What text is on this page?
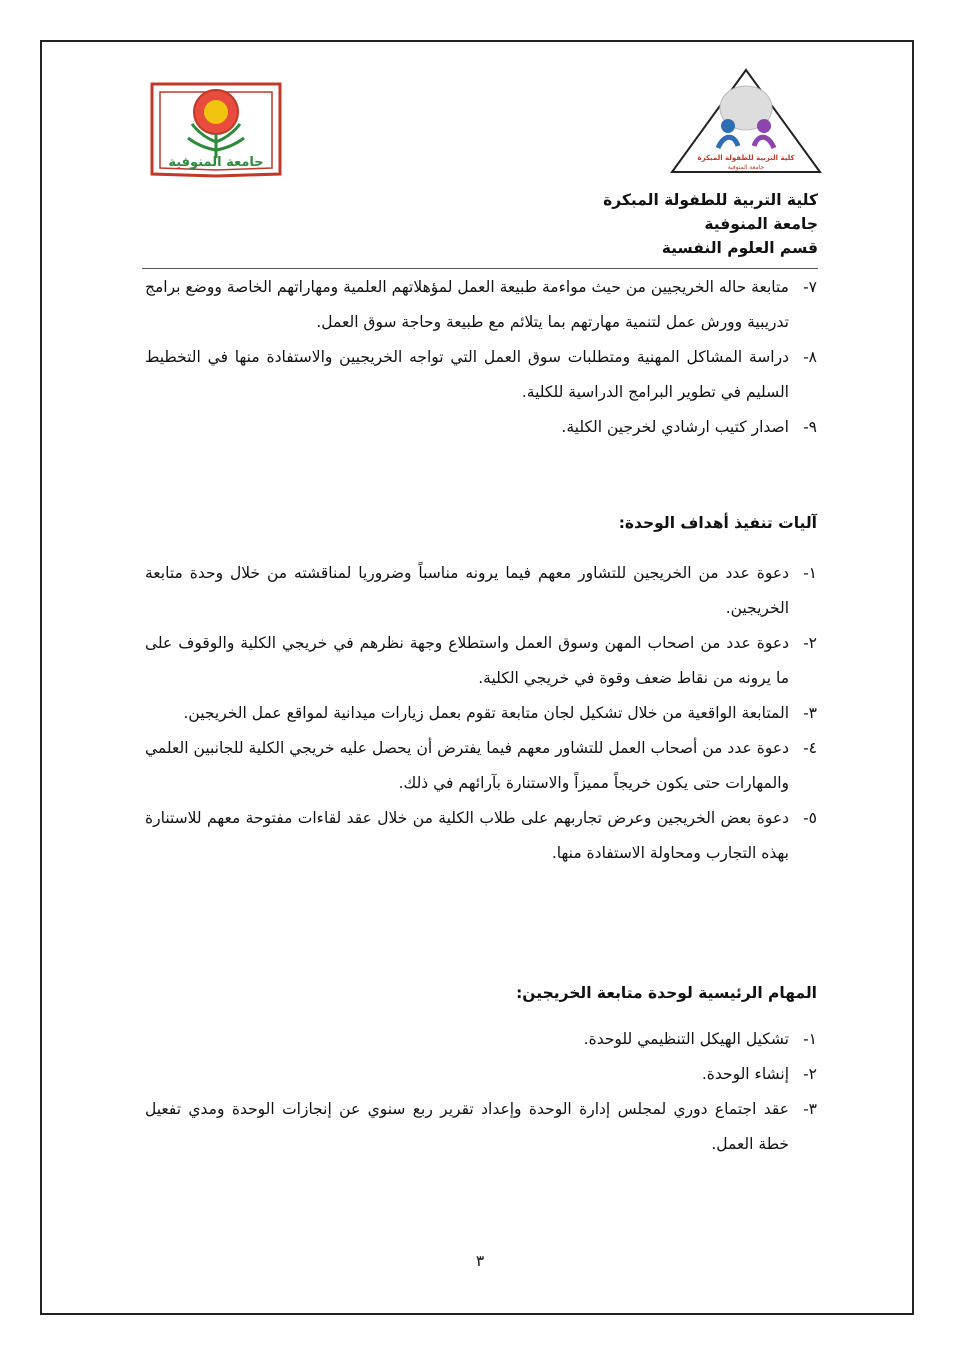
جامعة المنوفية	كلية التربية للطفولة المبكرة
جامعة المنوفية
كلية التربية للطفولة المبكرة
جامعة المنوفية
قسم العلوم النفسية
٧-
متابعة حاله الخريجيين من حيث مواءمة طبيعة العمل لمؤهلاتهم العلمية ومهاراتهم الخاصة ووضع برامج تدريبية وورش عمل لتنمية مهارتهم بما يتلائم مع طبيعة وحاجة سوق العمل.
٨-
دراسة المشاكل المهنية ومتطلبات سوق العمل التي تواجه الخريجيين والاستفادة منها في التخطيط السليم في تطوير البرامج الدراسية للكلية.
٩-
اصدار كتيب ارشادي لخرجين الكلية.
آليات تنفيذ أهداف الوحدة:
١-
دعوة عدد من الخريجين للتشاور معهم فيما يرونه مناسباً وضروريا لمناقشته من خلال وحدة متابعة الخريجين.
٢-
دعوة عدد من اصحاب المهن وسوق العمل واستطلاع وجهة نظرهم في خريجي الكلية والوقوف على ما يرونه من نقاط ضعف وقوة في خريجي الكلية.
٣-
المتابعة الواقعية من خلال تشكيل لجان متابعة تقوم بعمل زيارات ميدانية لمواقع عمل الخريجين.
٤-
دعوة عدد من أصحاب العمل للتشاور معهم فيما يفترض أن يحصل عليه خريجي الكلية للجانبين العلمي والمهارات حتى يكون خريجاً مميزاً والاستنارة بآرائهم في ذلك.
٥-
دعوة بعض الخريجين وعرض تجاربهم على طلاب الكلية من خلال عقد لقاءات مفتوحة معهم للاستنارة بهذه التجارب ومحاولة الاستفادة منها.
المهام الرئيسية لوحدة متابعة الخريجين:
١-
تشكيل الهيكل التنظيمي للوحدة.
٢-
إنشاء الوحدة.
٣-
عقد اجتماع دوري لمجلس إدارة الوحدة وإعداد تقرير ربع سنوي عن إنجازات الوحدة ومدي تفعيل خطة العمل.
٣
